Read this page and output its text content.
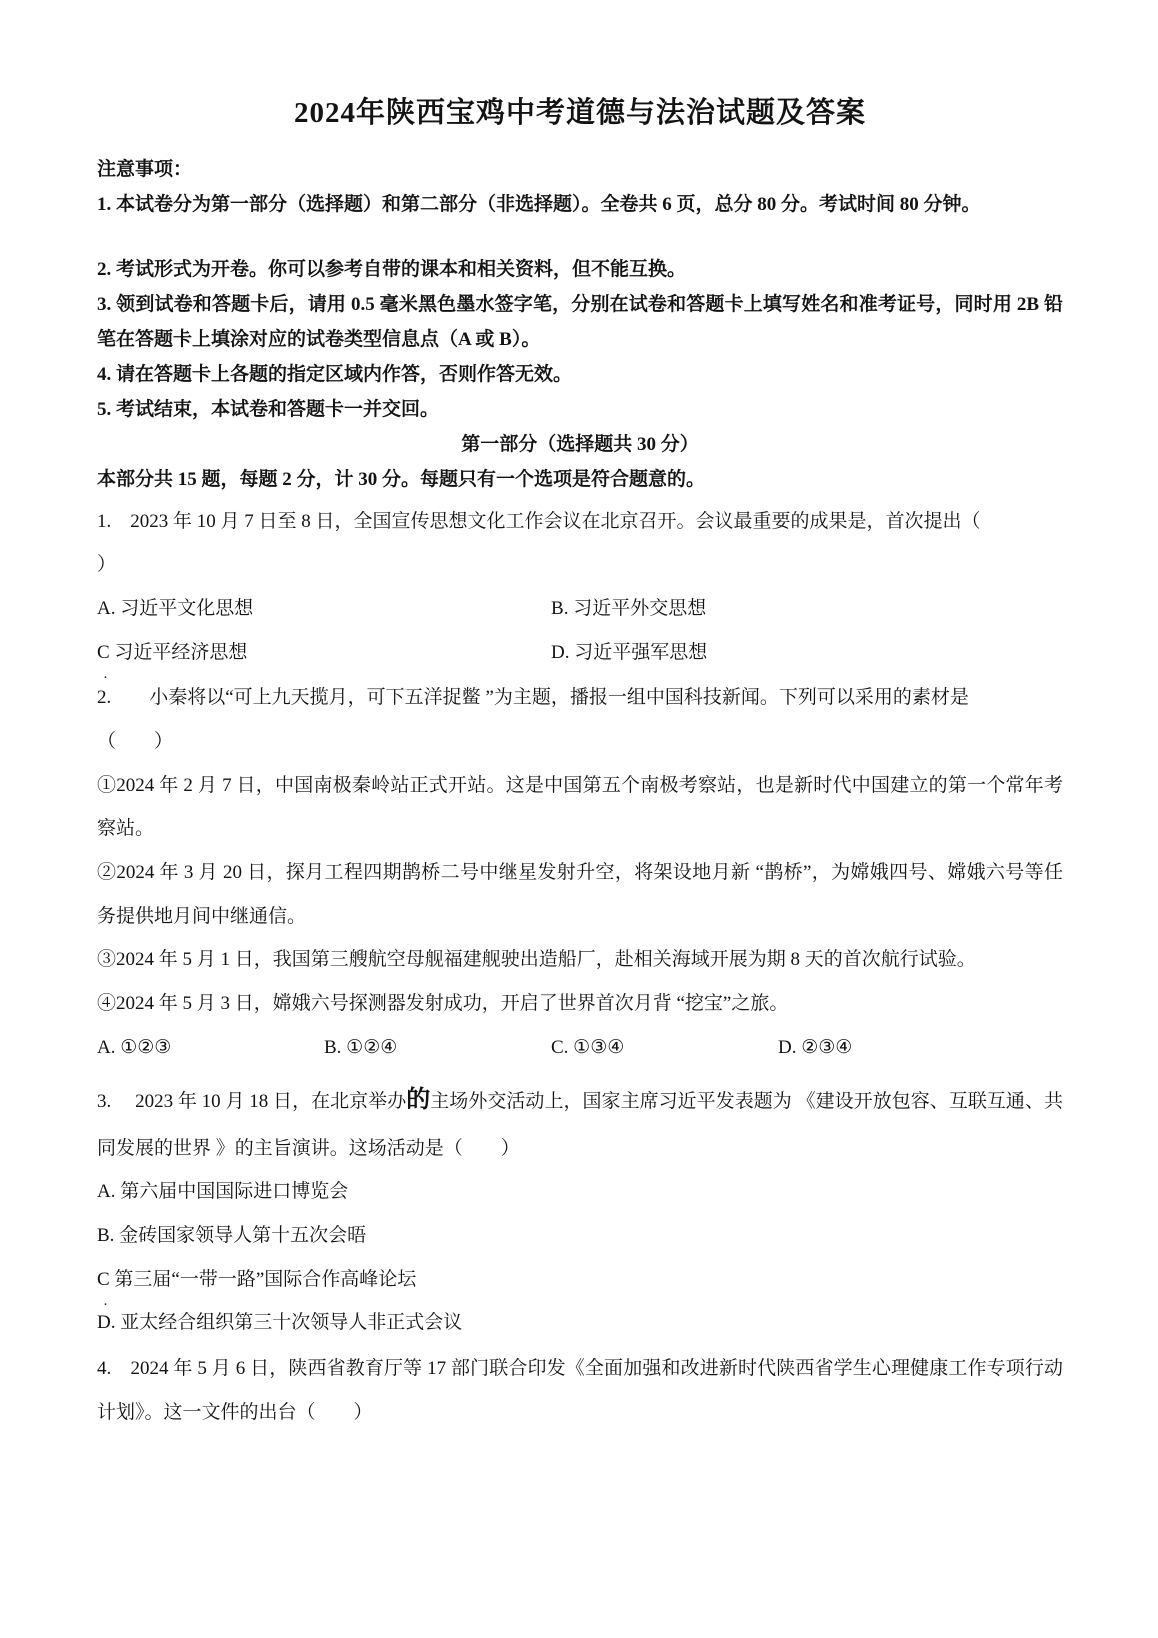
2024年陕西宝鸡中考道德与法治试题及答案

注意事项：

1. 本试卷分为第一部分（选择题）和第二部分（非选择题）。全卷共 6 页，总分 80 分。考试时间 80 分钟。

2. 考试形式为开卷。你可以参考自带的课本和相关资料，但不能互换。

3. 领到试卷和答题卡后，请用 0.5 毫米黑色墨水签字笔，分别在试卷和答题卡上填写姓名和准考证号，同时用 2B 铅笔在答题卡上填涂对应的试卷类型信息点（A 或 B）。

4. 请在答题卡上各题的指定区域内作答，否则作答无效。

5. 考试结束，本试卷和答题卡一并交回。

第一部分（选择题共 30 分）

本部分共 15 题，每题 2 分，计 30 分。每题只有一个选项是符合题意的。

1.　2023 年 10 月 7 日至 8 日，全国宣传思想文化工作会议在北京召开。会议最重要的成果是，首次提出（

）

A. 习近平文化思想	B. 习近平外交思想

C 习近平经济思想
·

D. 习近平强军思想

2.　　小秦将以“可上九天揽月，可下五洋捉鳖 ”为主题，播报一组中国科技新闻。下列可以采用的素材是

（　　）

①2024 年 2 月 7 日，中国南极秦岭站正式开站。这是中国第五个南极考察站，也是新时代中国建立的第一个常年考察站。

②2024 年 3 月 20 日，探月工程四期鹊桥二号中继星发射升空，将架设地月新 “鹊桥”，为嫦娥四号、嫦娥六号等任务提供地月间中继通信。

③2024 年 5 月 1 日，我国第三艘航空母舰福建舰驶出造船厂，赴相关海域开展为期 8 天的首次航行试验。

④2024 年 5 月 3 日，嫦娥六号探测器发射成功，开启了世界首次月背 “挖宝”之旅。

A. ①②③	B. ①②④	C. ①③④	D. ②③④

3.　 2023 年 10 月 18 日，在北京举办的主场外交活动上，国家主席习近平发表题为 《建设开放包容、互联互通、共同发展的世界 》的主旨演讲。这场活动是（　　）

A. 第六届中国国际进口博览会

B. 金砖国家领导人第十五次会晤

C 第三届“一带一路”国际合作高峰论坛
·

D. 亚太经合组织第三十次领导人非正式会议

4.　2024 年 5 月 6 日，陕西省教育厅等 17 部门联合印发《全面加强和改进新时代陕西省学生心理健康工作专项行动计划》。这一文件的出台（　　）
